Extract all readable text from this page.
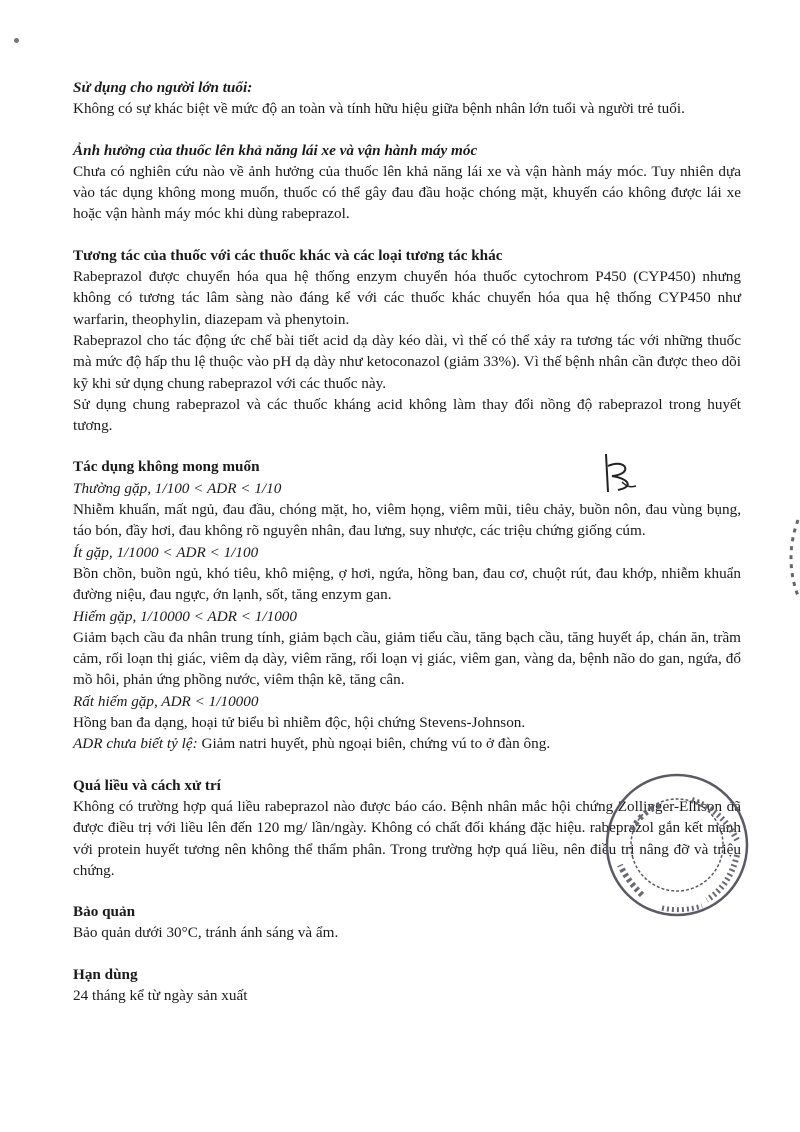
Sử dụng cho người lớn tuổi:

Không có sự khác biệt về mức độ an toàn và tính hữu hiệu giữa bệnh nhân lớn tuổi và người trẻ tuổi.

Ảnh hưởng của thuốc lên khả năng lái xe và vận hành máy móc

Chưa có nghiên cứu nào về ảnh hưởng của thuốc lên khả năng lái xe và vận hành máy móc. Tuy nhiên dựa vào tác dụng không mong muốn, thuốc có thể gây đau đầu hoặc chóng mặt, khuyến cáo không được lái xe hoặc vận hành máy móc khi dùng rabeprazol.

Tương tác của thuốc với các thuốc khác và các loại tương tác khác

Rabeprazol được chuyển hóa qua hệ thống enzym chuyển hóa thuốc cytochrom P450 (CYP450) nhưng không có tương tác lâm sàng nào đáng kể với các thuốc khác chuyển hóa qua hệ thống CYP450 như warfarin, theophylin, diazepam và phenytoin.

Rabeprazol cho tác động ức chế bài tiết acid dạ dày kéo dài, vì thế có thể xảy ra tương tác với những thuốc mà mức độ hấp thu lệ thuộc vào pH dạ dày như ketoconazol (giảm 33%). Vì thế bệnh nhân cần được theo dõi kỹ khi sử dụng chung rabeprazol với các thuốc này.

Sử dụng chung rabeprazol và các thuốc kháng acid không làm thay đổi nồng độ rabeprazol trong huyết tương.

Tác dụng không mong muốn

Thường gặp, 1/100 < ADR < 1/10

Nhiễm khuẩn, mất ngủ, đau đầu, chóng mặt, ho, viêm họng, viêm mũi, tiêu chảy, buồn nôn, đau vùng bụng, táo bón, đầy hơi, đau không rõ nguyên nhân, đau lưng, suy nhược, các triệu chứng giống cúm.

Ít gặp, 1/1000 < ADR < 1/100

Bồn chồn, buồn ngủ, khó tiêu, khô miệng, ợ hơi, ngứa, hồng ban, đau cơ, chuột rút, đau khớp, nhiễm khuẩn đường niệu, đau ngực, ớn lạnh, sốt, tăng enzym gan.

Hiếm gặp, 1/10000 < ADR < 1/1000

Giảm bạch cầu đa nhân trung tính, giảm bạch cầu, giảm tiểu cầu, tăng bạch cầu, tăng huyết áp, chán ăn, trầm cảm, rối loạn thị giác, viêm dạ dày, viêm răng, rối loạn vị giác, viêm gan, vàng da, bệnh não do gan, ngứa, đổ mồ hôi, phản ứng phồng nước, viêm thận kẽ, tăng cân.

Rất hiếm gặp, ADR < 1/10000

Hồng ban đa dạng, hoại tử biểu bì nhiễm độc, hội chứng Stevens-Johnson.

ADR chưa biết tỷ lệ: Giảm natri huyết, phù ngoại biên, chứng vú to ở đàn ông.

Quá liều và cách xử trí

Không có trường hợp quá liều rabeprazol nào được báo cáo. Bệnh nhân mắc hội chứng Zollinger-Ellison đã được điều trị với liều lên đến 120 mg/ lần/ngày. Không có chất đối kháng đặc hiệu. rabeprazol gắn kết mạnh với protein huyết tương nên không thể thẩm phân. Trong trường hợp quá liều, nên điều trị nâng đỡ và triệu chứng.

Bảo quản

Bảo quản dưới 30°C, tránh ánh sáng và ẩm.

Hạn dùng

24 tháng kể từ ngày sản xuất
